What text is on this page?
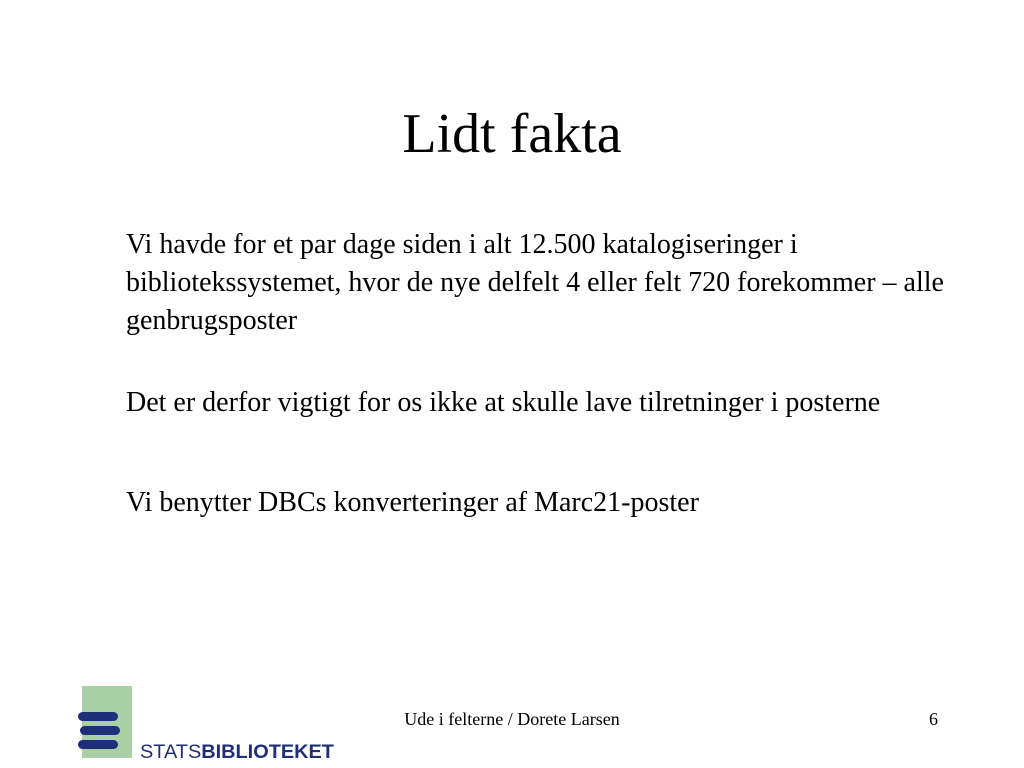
Lidt fakta

Vi havde for et par dage siden i alt 12.500 katalogiseringer i bibliotekssystemet, hvor de nye delfelt 4 eller felt 720 forekommer – alle genbrugsposter

Det er derfor vigtigt for os ikke at skulle lave tilretninger i posterne

Vi benytter DBCs konverteringer af Marc21-poster

STATS BIBLIOTEKET
Ude i felterne / Dorete Larsen	6
